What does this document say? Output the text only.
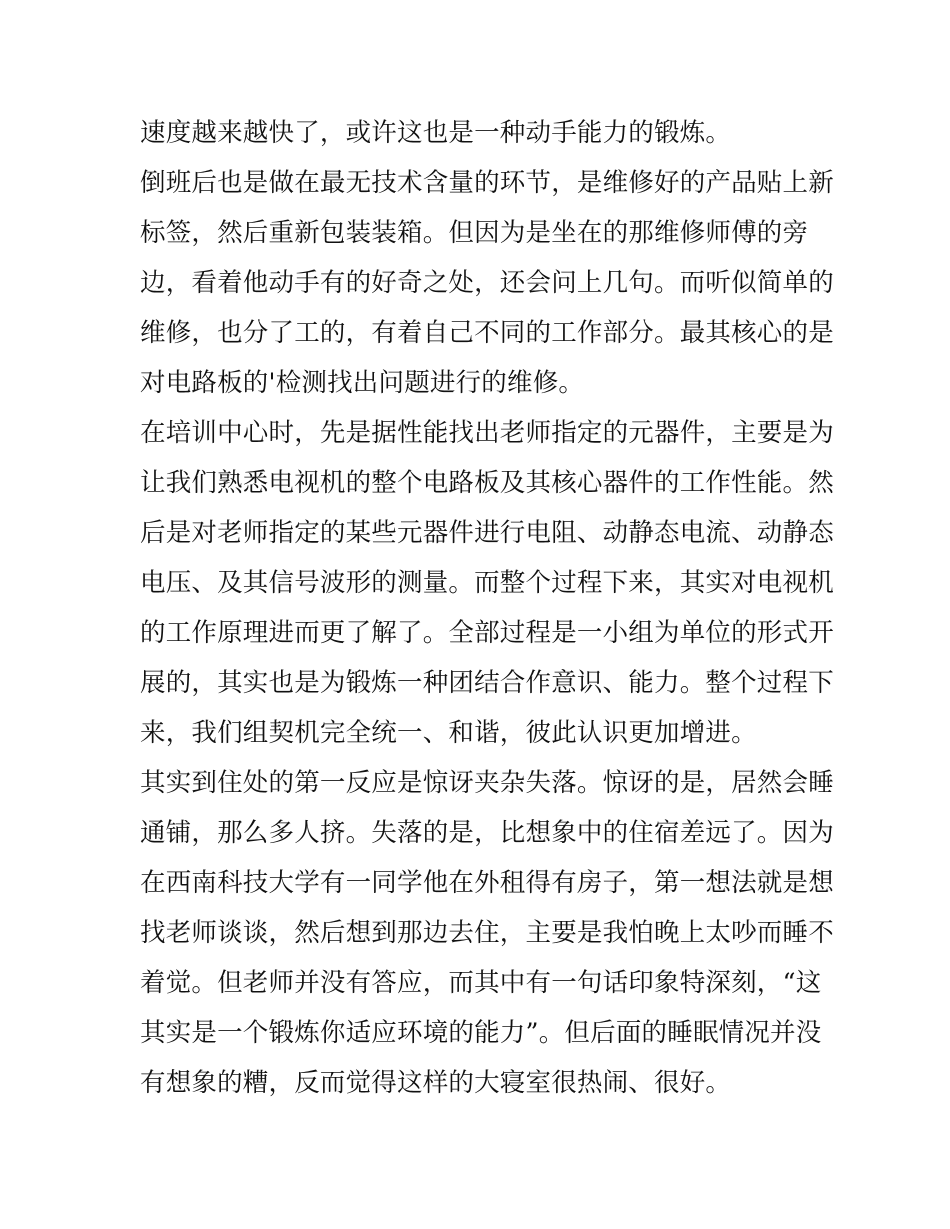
速度越来越快了，或许这也是一种动手能力的锻炼。
倒班后也是做在最无技术含量的环节，是维修好的产品贴上新
标签，然后重新包装装箱。但因为是坐在的那维修师傅的旁
边，看着他动手有的好奇之处，还会问上几句。而听似简单的
维修，也分了工的，有着自己不同的工作部分。最其核心的是
对电路板的'检测找出问题进行的维修。
在培训中心时，先是据性能找出老师指定的元器件，主要是为
让我们熟悉电视机的整个电路板及其核心器件的工作性能。然
后是对老师指定的某些元器件进行电阻、动静态电流、动静态
电压、及其信号波形的测量。而整个过程下来，其实对电视机
的工作原理进而更了解了。全部过程是一小组为单位的形式开
展的，其实也是为锻炼一种团结合作意识、能力。整个过程下
来，我们组契机完全统一、和谐，彼此认识更加增进。
其实到住处的第一反应是惊讶夹杂失落。惊讶的是，居然会睡
通铺，那么多人挤。失落的是，比想象中的住宿差远了。因为
在西南科技大学有一同学他在外租得有房子，第一想法就是想
找老师谈谈，然后想到那边去住，主要是我怕晚上太吵而睡不
着觉。但老师并没有答应，而其中有一句话印象特深刻，“这
其实是一个锻炼你适应环境的能力”。但后面的睡眠情况并没
有想象的糟，反而觉得这样的大寝室很热闹、很好。
